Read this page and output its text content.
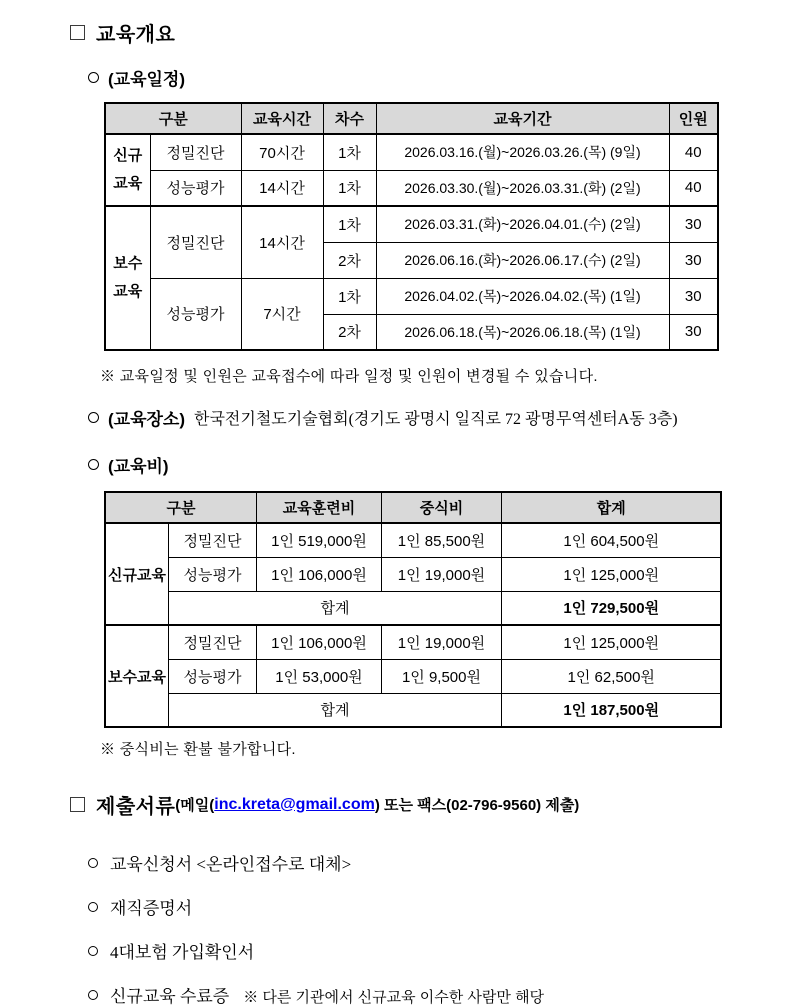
교육개요
(교육일정)
구분		교육시간	차수	교육기간	인원

신규
교육	정밀진단	70시간	1차	2026.03.16.(월)~2026.03.26.(목) (9일)	40
	성능평가	14시간	1차	2026.03.30.(월)~2026.03.31.(화) (2일)	40

보수
교육	정밀진단	14시간	1차	2026.03.31.(화)~2026.04.01.(수) (2일)	30
			2차	2026.06.16.(화)~2026.06.17.(수) (2일)	30
	성능평가	7시간	1차	2026.04.02.(목)~2026.04.02.(목) (1일)	30
			2차	2026.06.18.(목)~2026.06.18.(목) (1일)	30
※ 교육일정 및 인원은 교육접수에 따라 일정 및 인원이 변경될 수 있습니다.
(교육장소) 한국전기철도기술협회(경기도 광명시 일직로 72 광명무역센터A동 3층)
(교육비)
구분		교육훈련비	중식비	합계
신규교육	정밀진단	1인 519,000원	1인 85,500원	1인 604,500원
	성능평가	1인 106,000원	1인 19,000원	1인 125,000원
	합계			1인 729,500원
보수교육	정밀진단	1인 106,000원	1인 19,000원	1인 125,000원
	성능평가	1인 53,000원	1인 9,500원	1인 62,500원
	합계			1인 187,500원
※ 중식비는 환불 불가합니다.
제출서류 (메일( inc.kreta@gmail.com ) 또는 팩스(02-796-9560) 제출)
교육신청서 <온라인접수로 대체>
재직증명서
4대보험 가입확인서
신규교육 수료증 ※ 다른 기관에서 신규교육 이수한 사람만 해당
